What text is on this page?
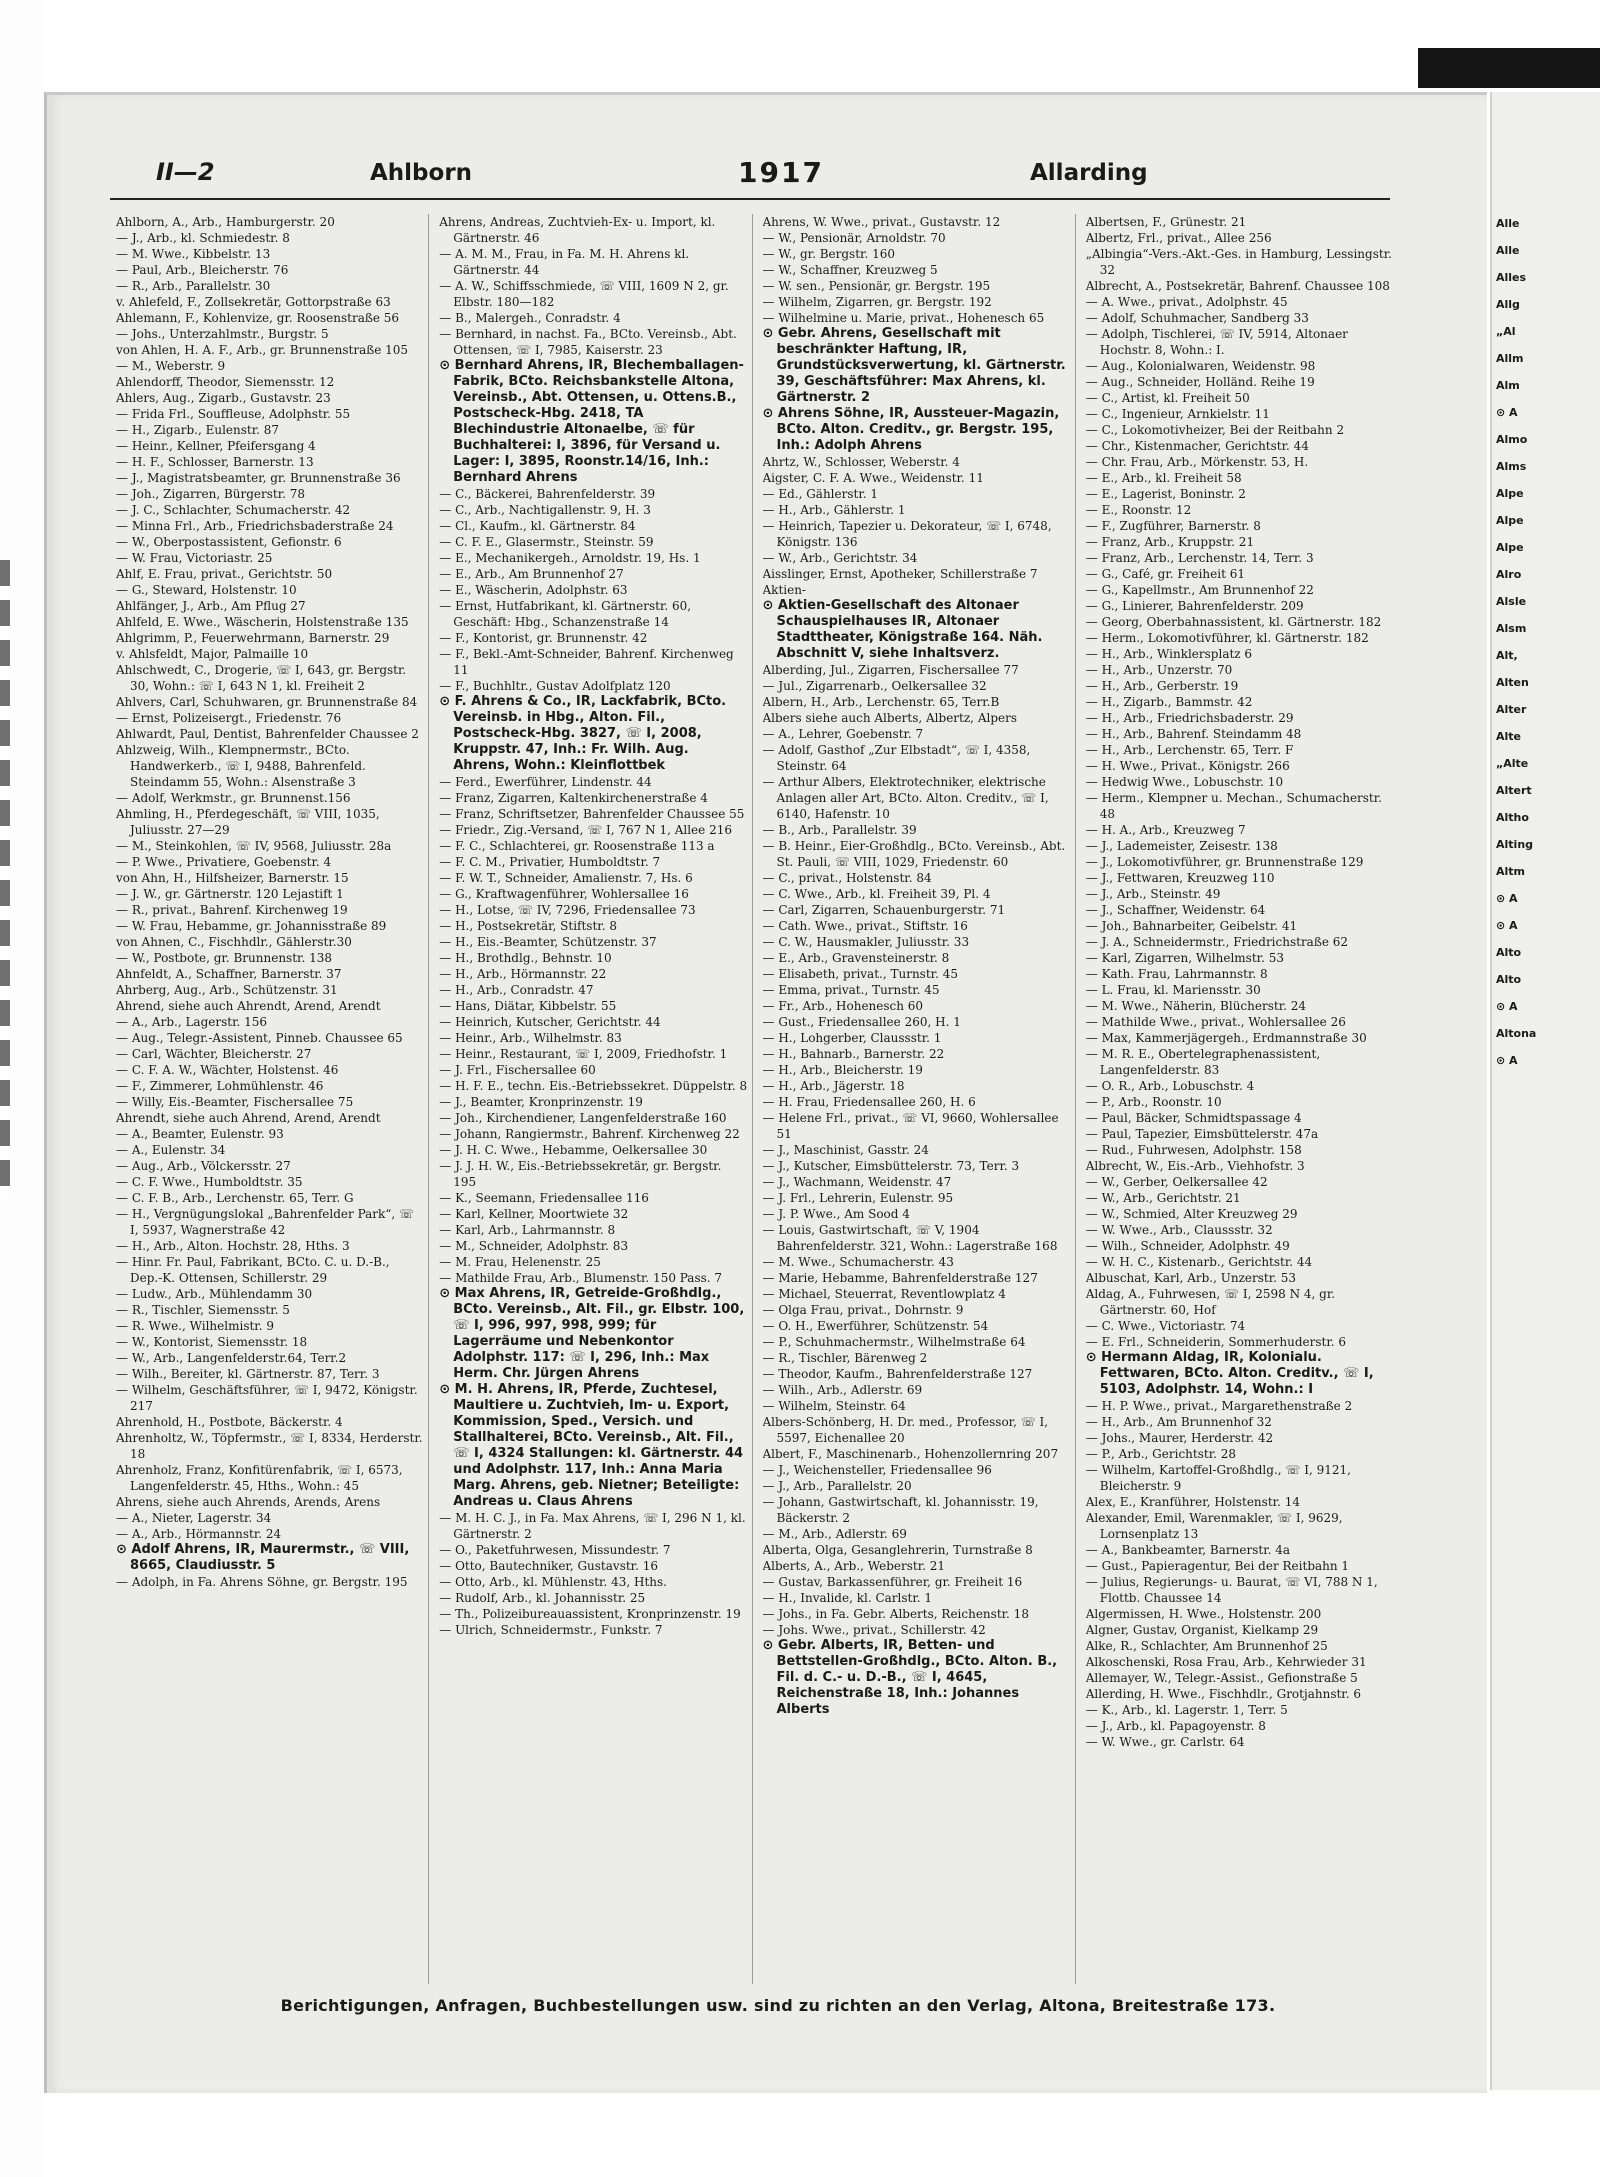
II—2	Ahlborn	1917	Allarding

Ahlborn, A., Arb., Hamburgerstr. 20

— J., Arb., kl. Schmiedestr. 8

— M. Wwe., Kibbelstr. 13

— Paul, Arb., Bleicherstr. 76

— R., Arb., Parallelstr. 30

v. Ahlefeld, F., Zollsekretär, Gottorpstraße 63

Ahlemann, F., Kohlenvize, gr. Roosenstraße 56

— Johs., Unterzahlmstr., Burgstr. 5

von Ahlen, H. A. F., Arb., gr. Brunnenstraße 105

— M., Weberstr. 9

Ahlendorff, Theodor, Siemensstr. 12

Ahlers, Aug., Zigarb., Gustavstr. 23

— Frida Frl., Souffleuse, Adolphstr. 55

— H., Zigarb., Eulenstr. 87

— Heinr., Kellner, Pfeifersgang 4

— H. F., Schlosser, Barnerstr. 13

— J., Magistratsbeamter, gr. Brunnenstraße 36

— Joh., Zigarren, Bürgerstr. 78

— J. C., Schlachter, Schumacherstr. 42

— Minna Frl., Arb., Friedrichsbaderstraße 24

— W., Oberpostassistent, Gefionstr. 6

— W. Frau, Victoriastr. 25

Ahlf, E. Frau, privat., Gerichtstr. 50

— G., Steward, Holstenstr. 10

Ahlfänger, J., Arb., Am Pflug 27

Ahlfeld, E. Wwe., Wäscherin, Holstenstraße 135

Ahlgrimm, P., Feuerwehrmann, Barnerstr. 29

v. Ahlsfeldt, Major, Palmaille 10

Ahlschwedt, C., Drogerie, ☏ I, 643, gr. Bergstr. 30, Wohn.: ☏ I, 643 N 1, kl. Freiheit 2

Ahlvers, Carl, Schuhwaren, gr. Brunnenstraße 84

— Ernst, Polizeisergt., Friedenstr. 76

Ahlwardt, Paul, Dentist, Bahrenfelder Chaussee 2

Ahlzweig, Wilh., Klempnermstr., BCto. Handwerkerb., ☏ I, 9488, Bahrenfeld. Steindamm 55, Wohn.: Alsenstraße 3

— Adolf, Werkmstr., gr. Brunnenst.156

Ahmling, H., Pferdegeschäft, ☏ VIII, 1035, Juliusstr. 27—29

— M., Steinkohlen, ☏ IV, 9568, Juliusstr. 28a

— P. Wwe., Privatiere, Goebenstr. 4

von Ahn, H., Hilfsheizer, Barnerstr. 15

— J. W., gr. Gärtnerstr. 120 Lejastift 1

— R., privat., Bahrenf. Kirchenweg 19

— W. Frau, Hebamme, gr. Johannisstraße 89

von Ahnen, C., Fischhdlr., Gählerstr.30

— W., Postbote, gr. Brunnenstr. 138

Ahnfeldt, A., Schaffner, Barnerstr. 37

Ahrberg, Aug., Arb., Schützenstr. 31

Ahrend, siehe auch Ahrendt, Arend, Arendt

— A., Arb., Lagerstr. 156

— Aug., Telegr.-Assistent, Pinneb. Chaussee 65

— Carl, Wächter, Bleicherstr. 27

— C. F. A. W., Wächter, Holstenst. 46

— F., Zimmerer, Lohmühlenstr. 46

— Willy, Eis.-Beamter, Fischersallee 75

Ahrendt, siehe auch Ahrend, Arend, Arendt

— A., Beamter, Eulenstr. 93

— A., Eulenstr. 34

— Aug., Arb., Völckersstr. 27

— C. F. Wwe., Humboldtstr. 35

— C. F. B., Arb., Lerchenstr. 65, Terr. G

— H., Vergnügungslokal „Bahrenfelder Park“, ☏ I, 5937, Wagnerstraße 42

— H., Arb., Alton. Hochstr. 28, Hths. 3

— Hinr. Fr. Paul, Fabrikant, BCto. C. u. D.-B., Dep.-K. Ottensen, Schillerstr. 29

— Ludw., Arb., Mühlendamm 30

— R., Tischler, Siemensstr. 5

— R. Wwe., Wilhelmistr. 9

— W., Kontorist, Siemensstr. 18

— W., Arb., Langenfelderstr.64, Terr.2

— Wilh., Bereiter, kl. Gärtnerstr. 87, Terr. 3

— Wilhelm, Geschäftsführer, ☏ I, 9472, Königstr. 217

Ahrenhold, H., Postbote, Bäckerstr. 4

Ahrenholtz, W., Töpfermstr., ☏ I, 8334, Herderstr. 18

Ahrenholz, Franz, Konfitürenfabrik, ☏ I, 6573, Langenfelderstr. 45, Hths., Wohn.: 45

Ahrens, siehe auch Ahrends, Arends, Arens

— A., Nieter, Lagerstr. 34

— A., Arb., Hörmannstr. 24

⊙ Adolf Ahrens, IR, Maurermstr., ☏ VIII, 8665, Claudiusstr. 5

— Adolph, in Fa. Ahrens Söhne, gr. Bergstr. 195

Ahrens, Andreas, Zuchtvieh-Ex- u. Import, kl. Gärtnerstr. 46

— A. M. M., Frau, in Fa. M. H. Ahrens kl. Gärtnerstr. 44

— A. W., Schiffsschmiede, ☏ VIII, 1609 N 2, gr. Elbstr. 180—182

— B., Malergeh., Conradstr. 4

— Bernhard, in nachst. Fa., BCto. Vereinsb., Abt. Ottensen, ☏ I, 7985, Kaiserstr. 23

⊙ Bernhard Ahrens, IR, Blechemballagen-Fabrik, BCto. Reichsbankstelle Altona, Vereinsb., Abt. Ottensen, u. Ottens.B., Postscheck-Hbg. 2418, TA Blechindustrie Altonaelbe, ☏ für Buchhalterei: I, 3896, für Versand u. Lager: I, 3895, Roonstr.14/16, Inh.: Bernhard Ahrens

— C., Bäckerei, Bahrenfelderstr. 39

— C., Arb., Nachtigallenstr. 9, H. 3

— Cl., Kaufm., kl. Gärtnerstr. 84

— C. F. E., Glasermstr., Steinstr. 59

— E., Mechanikergeh., Arnoldstr. 19, Hs. 1

— E., Arb., Am Brunnenhof 27

— E., Wäscherin, Adolphstr. 63

— Ernst, Hutfabrikant, kl. Gärtnerstr. 60, Geschäft: Hbg., Schanzenstraße 14

— F., Kontorist, gr. Brunnenstr. 42

— F., Bekl.-Amt-Schneider, Bahrenf. Kirchenweg 11

— F., Buchhltr., Gustav Adolfplatz 120

⊙ F. Ahrens & Co., IR, Lackfabrik, BCto. Vereinsb. in Hbg., Alton. Fil., Postscheck-Hbg. 3827, ☏ I, 2008, Kruppstr. 47, Inh.: Fr. Wilh. Aug. Ahrens, Wohn.: Kleinflottbek

— Ferd., Ewerführer, Lindenstr. 44

— Franz, Zigarren, Kaltenkirchenerstraße 4

— Franz, Schriftsetzer, Bahrenfelder Chaussee 55

— Friedr., Zig.-Versand, ☏ I, 767 N 1, Allee 216

— F. C., Schlachterei, gr. Roosenstraße 113 a

— F. C. M., Privatier, Humboldtstr. 7

— F. W. T., Schneider, Amalienstr. 7, Hs. 6

— G., Kraftwagenführer, Wohlersallee 16

— H., Lotse, ☏ IV, 7296, Friedensallee 73

— H., Postsekretär, Stiftstr. 8

— H., Eis.-Beamter, Schützenstr. 37

— H., Brothdlg., Behnstr. 10

— H., Arb., Hörmannstr. 22

— H., Arb., Conradstr. 47

— Hans, Diätar, Kibbelstr. 55

— Heinrich, Kutscher, Gerichtstr. 44

— Heinr., Arb., Wilhelmstr. 83

— Heinr., Restaurant, ☏ I, 2009, Friedhofstr. 1

— J. Frl., Fischersallee 60

— H. F. E., techn. Eis.-Betriebssekret. Düppelstr. 8

— J., Beamter, Kronprinzenstr. 19

— Joh., Kirchendiener, Langenfelderstraße 160

— Johann, Rangiermstr., Bahrenf. Kirchenweg 22

— J. H. C. Wwe., Hebamme, Oelkersallee 30

— J. J. H. W., Eis.-Betriebssekretär, gr. Bergstr. 195

— K., Seemann, Friedensallee 116

— Karl, Kellner, Moortwiete 32

— Karl, Arb., Lahrmannstr. 8

— M., Schneider, Adolphstr. 83

— M. Frau, Helenenstr. 25

— Mathilde Frau, Arb., Blumenstr. 150 Pass. 7

⊙ Max Ahrens, IR, Getreide-Großhdlg., BCto. Vereinsb., Alt. Fil., gr. Elbstr. 100, ☏ I, 996, 997, 998, 999; für Lagerräume und Nebenkontor Adolphstr. 117: ☏ I, 296, Inh.: Max Herm. Chr. Jürgen Ahrens

⊙ M. H. Ahrens, IR, Pferde, Zuchtesel, Maultiere u. Zuchtvieh, Im- u. Export, Kommission, Sped., Versich. und Stallhalterei, BCto. Vereinsb., Alt. Fil., ☏ I, 4324 Stallungen: kl. Gärtnerstr. 44 und Adolphstr. 117, Inh.: Anna Maria Marg. Ahrens, geb. Nietner; Beteiligte: Andreas u. Claus Ahrens

— M. H. C. J., in Fa. Max Ahrens, ☏ I, 296 N 1, kl. Gärtnerstr. 2

— O., Paketfuhrwesen, Missundestr. 7

— Otto, Bautechniker, Gustavstr. 16

— Otto, Arb., kl. Mühlenstr. 43, Hths.

— Rudolf, Arb., kl. Johannisstr. 25

— Th., Polizeibureauassistent, Kronprinzenstr. 19

— Ulrich, Schneidermstr., Funkstr. 7

Ahrens, W. Wwe., privat., Gustavstr. 12

— W., Pensionär, Arnoldstr. 70

— W., gr. Bergstr. 160

— W., Schaffner, Kreuzweg 5

— W. sen., Pensionär, gr. Bergstr. 195

— Wilhelm, Zigarren, gr. Bergstr. 192

— Wilhelmine u. Marie, privat., Hohenesch 65

⊙ Gebr. Ahrens, Gesellschaft mit beschränkter Haftung, IR, Grundstücksverwertung, kl. Gärtnerstr. 39, Geschäftsführer: Max Ahrens, kl. Gärtnerstr. 2

⊙ Ahrens Söhne, IR, Aussteuer-Magazin, BCto. Alton. Creditv., gr. Bergstr. 195, Inh.: Adolph Ahrens

Ahrtz, W., Schlosser, Weberstr. 4

Aigster, C. F. A. Wwe., Weidenstr. 11

— Ed., Gählerstr. 1

— H., Arb., Gählerstr. 1

— Heinrich, Tapezier u. Dekorateur, ☏ I, 6748, Königstr. 136

— W., Arb., Gerichtstr. 34

Aisslinger, Ernst, Apotheker, Schillerstraße 7

Aktien-

⊙ Aktien-Gesellschaft des Altonaer Schauspielhauses IR, Altonaer Stadttheater, Königstraße 164. Näh. Abschnitt V, siehe Inhaltsverz.

Alberding, Jul., Zigarren, Fischersallee 77

— Jul., Zigarrenarb., Oelkersallee 32

Albern, H., Arb., Lerchenstr. 65, Terr.B

Albers siehe auch Alberts, Albertz, Alpers

— A., Lehrer, Goebenstr. 7

— Adolf, Gasthof „Zur Elbstadt“, ☏ I, 4358, Steinstr. 64

— Arthur Albers, Elektrotechniker, elektrische Anlagen aller Art, BCto. Alton. Creditv., ☏ I, 6140, Hafenstr. 10

— B., Arb., Parallelstr. 39

— B. Heinr., Eier-Großhdlg., BCto. Vereinsb., Abt. St. Pauli, ☏ VIII, 1029, Friedenstr. 60

— C., privat., Holstenstr. 84

— C. Wwe., Arb., kl. Freiheit 39, Pl. 4

— Carl, Zigarren, Schauenburgerstr. 71

— Cath. Wwe., privat., Stiftstr. 16

— C. W., Hausmakler, Juliusstr. 33

— E., Arb., Gravensteinerstr. 8

— Elisabeth, privat., Turnstr. 45

— Emma, privat., Turnstr. 45

— Fr., Arb., Hohenesch 60

— Gust., Friedensallee 260, H. 1

— H., Lohgerber, Claussstr. 1

— H., Bahnarb., Barnerstr. 22

— H., Arb., Bleicherstr. 19

— H., Arb., Jägerstr. 18

— H. Frau, Friedensallee 260, H. 6

— Helene Frl., privat., ☏ VI, 9660, Wohlersallee 51

— J., Maschinist, Gasstr. 24

— J., Kutscher, Eimsbüttelerstr. 73, Terr. 3

— J., Wachmann, Weidenstr. 47

— J. Frl., Lehrerin, Eulenstr. 95

— J. P. Wwe., Am Sood 4

— Louis, Gastwirtschaft, ☏ V, 1904 Bahrenfelderstr. 321, Wohn.: Lagerstraße 168

— M. Wwe., Schumacherstr. 43

— Marie, Hebamme, Bahrenfelderstraße 127

— Michael, Steuerrat, Reventlowplatz 4

— Olga Frau, privat., Dohrnstr. 9

— O. H., Ewerführer, Schützenstr. 54

— P., Schuhmachermstr., Wilhelmstraße 64

— R., Tischler, Bärenweg 2

— Theodor, Kaufm., Bahrenfelderstraße 127

— Wilh., Arb., Adlerstr. 69

— Wilhelm, Steinstr. 64

Albers-Schönberg, H. Dr. med., Professor, ☏ I, 5597, Eichenallee 20

Albert, F., Maschinenarb., Hohenzollernring 207

— J., Weichensteller, Friedensallee 96

— J., Arb., Parallelstr. 20

— Johann, Gastwirtschaft, kl. Johannisstr. 19, Bäckerstr. 2

— M., Arb., Adlerstr. 69

Alberta, Olga, Gesanglehrerin, Turnstraße 8

Alberts, A., Arb., Weberstr. 21

— Gustav, Barkassenführer, gr. Freiheit 16

— H., Invalide, kl. Carlstr. 1

— Johs., in Fa. Gebr. Alberts, Reichenstr. 18

— Johs. Wwe., privat., Schillerstr. 42

⊙ Gebr. Alberts, IR, Betten- und Bettstellen-Großhdlg., BCto. Alton. B., Fil. d. C.- u. D.-B., ☏ I, 4645, Reichenstraße 18, Inh.: Johannes Alberts

Albertsen, F., Grünestr. 21

Albertz, Frl., privat., Allee 256

„Albingia“-Vers.-Akt.-Ges. in Hamburg, Lessingstr. 32

Albrecht, A., Postsekretär, Bahrenf. Chaussee 108

— A. Wwe., privat., Adolphstr. 45

— Adolf, Schuhmacher, Sandberg 33

— Adolph, Tischlerei, ☏ IV, 5914, Altonaer Hochstr. 8, Wohn.: I.

— Aug., Kolonialwaren, Weidenstr. 98

— Aug., Schneider, Holländ. Reihe 19

— C., Artist, kl. Freiheit 50

— C., Ingenieur, Arnkielstr. 11

— C., Lokomotivheizer, Bei der Reitbahn 2

— Chr., Kistenmacher, Gerichtstr. 44

— Chr. Frau, Arb., Mörkenstr. 53, H.

— E., Arb., kl. Freiheit 58

— E., Lagerist, Boninstr. 2

— E., Roonstr. 12

— F., Zugführer, Barnerstr. 8

— Franz, Arb., Kruppstr. 21

— Franz, Arb., Lerchenstr. 14, Terr. 3

— G., Café, gr. Freiheit 61

— G., Kapellmstr., Am Brunnenhof 22

— G., Linierer, Bahrenfelderstr. 209

— Georg, Oberbahnassistent, kl. Gärtnerstr. 182

— Herm., Lokomotivführer, kl. Gärtnerstr. 182

— H., Arb., Winklersplatz 6

— H., Arb., Unzerstr. 70

— H., Arb., Gerberstr. 19

— H., Zigarb., Bammstr. 42

— H., Arb., Friedrichsbaderstr. 29

— H., Arb., Bahrenf. Steindamm 48

— H., Arb., Lerchenstr. 65, Terr. F

— H. Wwe., Privat., Königstr. 266

— Hedwig Wwe., Lobuschstr. 10

— Herm., Klempner u. Mechan., Schumacherstr. 48

— H. A., Arb., Kreuzweg 7

— J., Lademeister, Zeisestr. 138

— J., Lokomotivführer, gr. Brunnenstraße 129

— J., Fettwaren, Kreuzweg 110

— J., Arb., Steinstr. 49

— J., Schaffner, Weidenstr. 64

— Joh., Bahnarbeiter, Geibelstr. 41

— J. A., Schneidermstr., Friedrichstraße 62

— Karl, Zigarren, Wilhelmstr. 53

— Kath. Frau, Lahrmannstr. 8

— L. Frau, kl. Mariensstr. 30

— M. Wwe., Näherin, Blücherstr. 24

— Mathilde Wwe., privat., Wohlersallee 26

— Max, Kammerjägergeh., Erdmannstraße 30

— M. R. E., Obertelegraphenassistent, Langenfelderstr. 83

— O. R., Arb., Lobuschstr. 4

— P., Arb., Roonstr. 10

— Paul, Bäcker, Schmidtspassage 4

— Paul, Tapezier, Eimsbüttelerstr. 47a

— Rud., Fuhrwesen, Adolphstr. 158

Albrecht, W., Eis.-Arb., Viehhofstr. 3

— W., Gerber, Oelkersallee 42

— W., Arb., Gerichtstr. 21

— W., Schmied, Alter Kreuzweg 29

— W. Wwe., Arb., Claussstr. 32

— Wilh., Schneider, Adolphstr. 49

— W. H. C., Kistenarb., Gerichtstr. 44

Albuschat, Karl, Arb., Unzerstr. 53

Aldag, A., Fuhrwesen, ☏ I, 2598 N 4, gr. Gärtnerstr. 60, Hof

— C. Wwe., Victoriastr. 74

— E. Frl., Schneiderin, Sommerhuderstr. 6

⊙ Hermann Aldag, IR, Kolonialu. Fettwaren, BCto. Alton. Creditv., ☏ I, 5103, Adolphstr. 14, Wohn.: I

— H. P. Wwe., privat., Margarethenstraße 2

— H., Arb., Am Brunnenhof 32

— Johs., Maurer, Herderstr. 42

— P., Arb., Gerichtstr. 28

— Wilhelm, Kartoffel-Großhdlg., ☏ I, 9121, Bleicherstr. 9

Alex, E., Kranführer, Holstenstr. 14

Alexander, Emil, Warenmakler, ☏ I, 9629, Lornsenplatz 13

— A., Bankbeamter, Barnerstr. 4a

— Gust., Papieragentur, Bei der Reitbahn 1

— Julius, Regierungs- u. Baurat, ☏ VI, 788 N 1, Flottb. Chaussee 14

Algermissen, H. Wwe., Holstenstr. 200

Algner, Gustav, Organist, Kielkamp 29

Alke, R., Schlachter, Am Brunnenhof 25

Alkoschenski, Rosa Frau, Arb., Kehrwieder 31

Allemayer, W., Telegr.-Assist., Gefionstraße 5

Allerding, H. Wwe., Fischhdlr., Grotjahnstr. 6

— K., Arb., kl. Lagerstr. 1, Terr. 5

— J., Arb., kl. Papagoyenstr. 8

— W. Wwe., gr. Carlstr. 64

Berichtigungen, Anfragen, Buchbestellungen usw. sind zu richten an den Verlag, Altona, Breitestraße 173.
Alle
Alle
Alles
Allg
„Al
Allm
Alm
⊙ A
Almo
Alms
Alpe
Alpe
Alpe
Alro
Alsle
Alsm
Alt,
Alten
Alter
Alte
„Alte
Altert
Altho
Alting
Altm
⊙ A
⊙ A
Alto
Alto
⊙ A
Altona
⊙ A
